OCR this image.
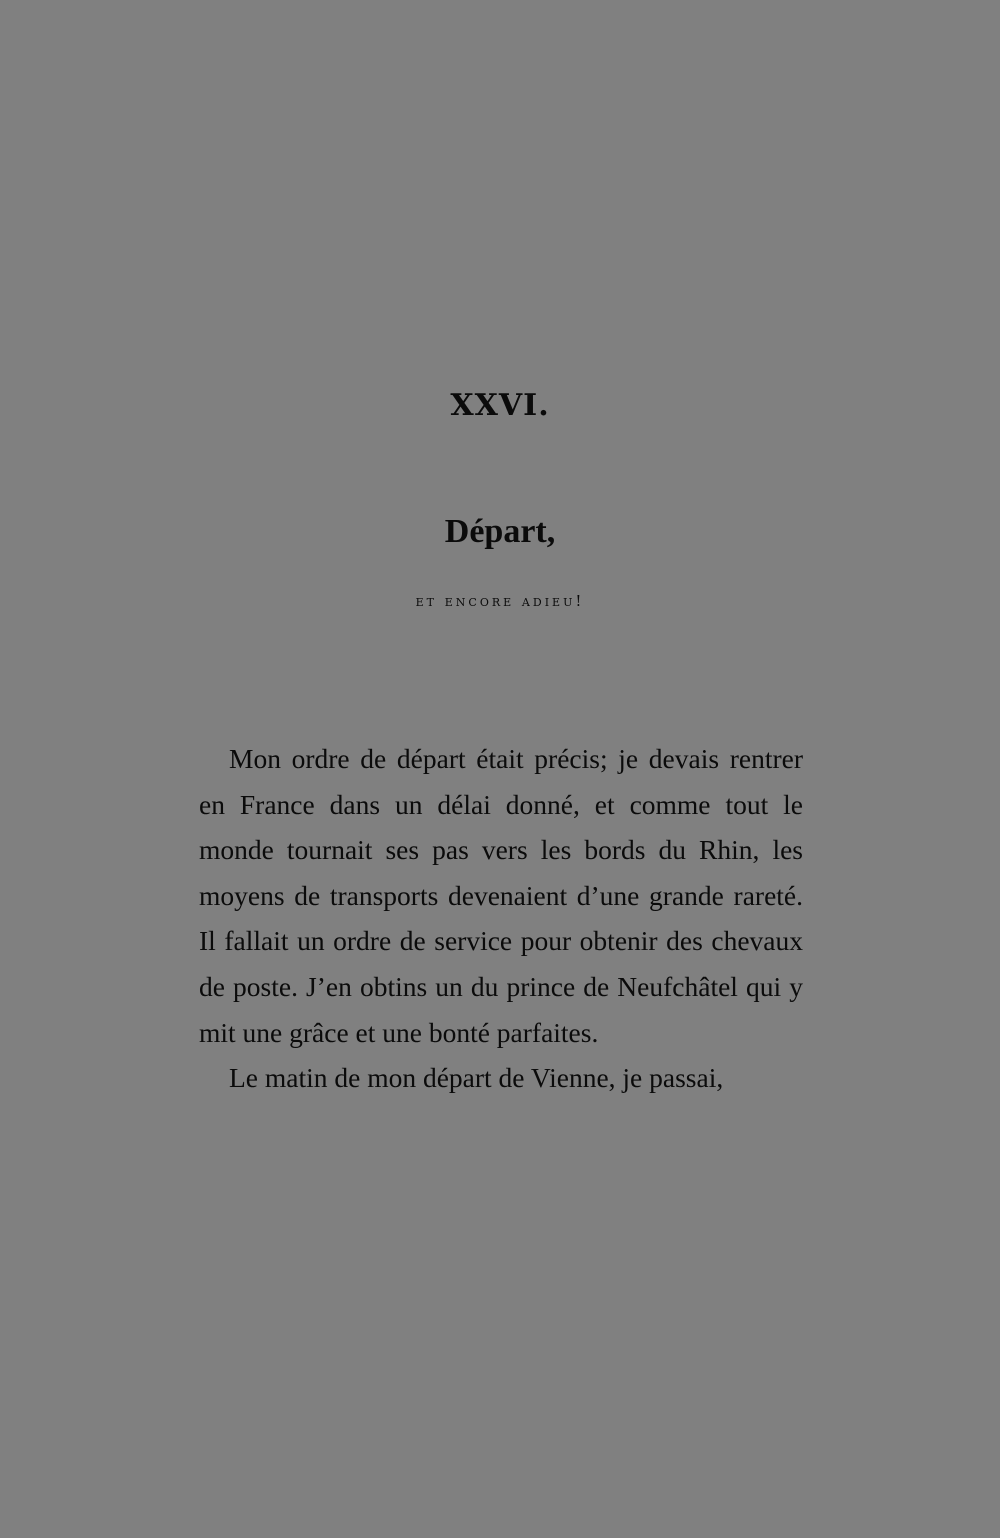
XXVI.
Départ,
et encore adieu!

Mon ordre de départ était précis; je devais rentrer en France dans un délai donné, et comme tout le monde tournait ses pas vers les bords du Rhin, les moyens de transports devenaient d’une grande rareté. Il fallait un ordre de service pour obtenir des chevaux de poste. J’en obtins un du prince de Neufchâtel qui y mit une grâce et une bonté parfaites.

Le matin de mon départ de Vienne, je passai,
